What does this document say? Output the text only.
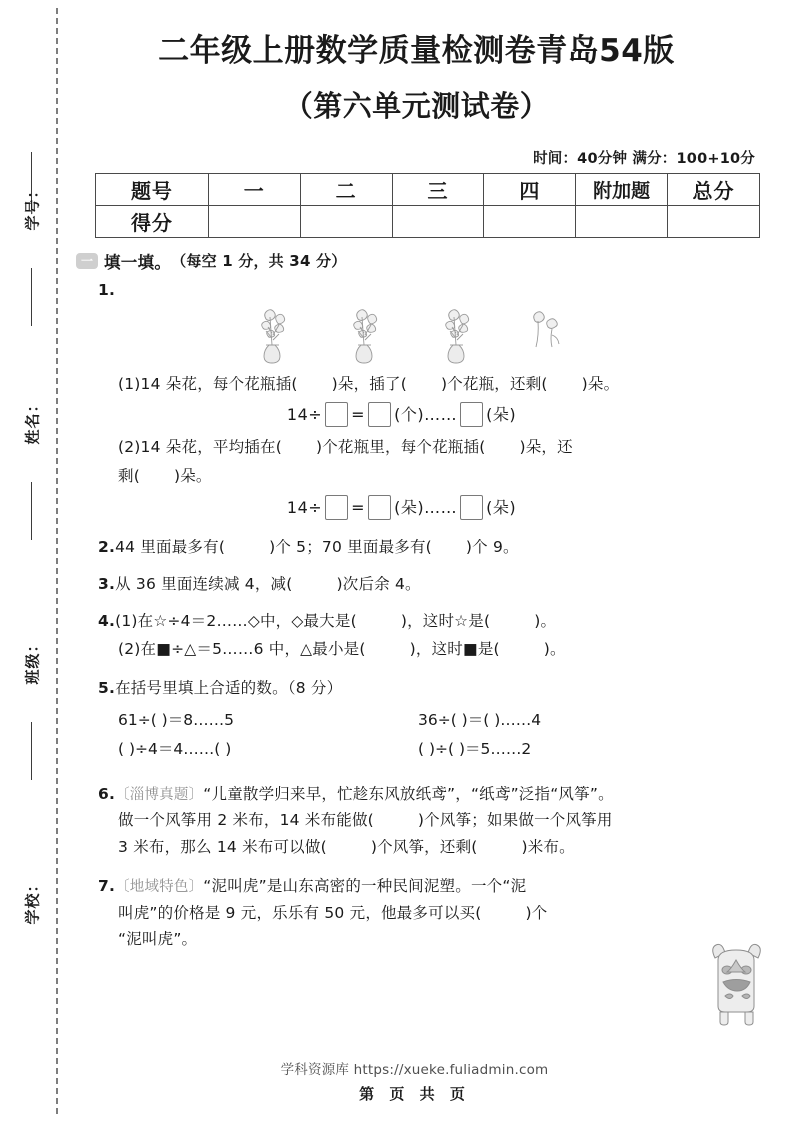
学号：
姓名：
班级：
学校：
二年级上册数学质量检测卷青岛54版
（第六单元测试卷）
时间：40分钟 满分：100+10分
题号	一	二	三	四	附加题	总分
得分						
一 填一填。 （每空 1 分，共 34 分）
1.
(1)14 朵花，每个花瓶插( )朵，插了( )个花瓶，还剩( )朵。
14÷ = (个)…… (朵)
(2)14 朵花，平均插在( )个花瓶里，每个花瓶插( )朵，还
剩( )朵。
14÷ = (朵)…… (朵)
2.44 里面最多有(	)个 5；70 里面最多有( )个 9。
3.从 36 里面连续减 4，减(	)次后余 4。
4.(1)在☆÷4＝2……◇中，◇最大是(	)，这时☆是(	)。
(2)在■÷△＝5……6 中，△最小是(	)，这时■是(	)。
5.在括号里填上合适的数。（8 分）
61÷( )＝8……5	36÷( )＝( )……4
( )÷4＝4……( )	( )÷( )＝5……2
6.〔淄博真题〕“儿童散学归来早，忙趁东风放纸鸢”，“纸鸢”泛指“风筝”。
做一个风筝用 2 米布，14 米布能做(	)个风筝；如果做一个风筝用
3 米布，那么 14 米布可以做(	)个风筝，还剩(	)米布。
7.〔地域特色〕“泥叫虎”是山东高密的一种民间泥塑。一个“泥
叫虎”的价格是 9 元，乐乐有 50 元，他最多可以买(	)个
“泥叫虎”。
学科资源库 https://xueke.fuliadmin.com
第 页 共 页
